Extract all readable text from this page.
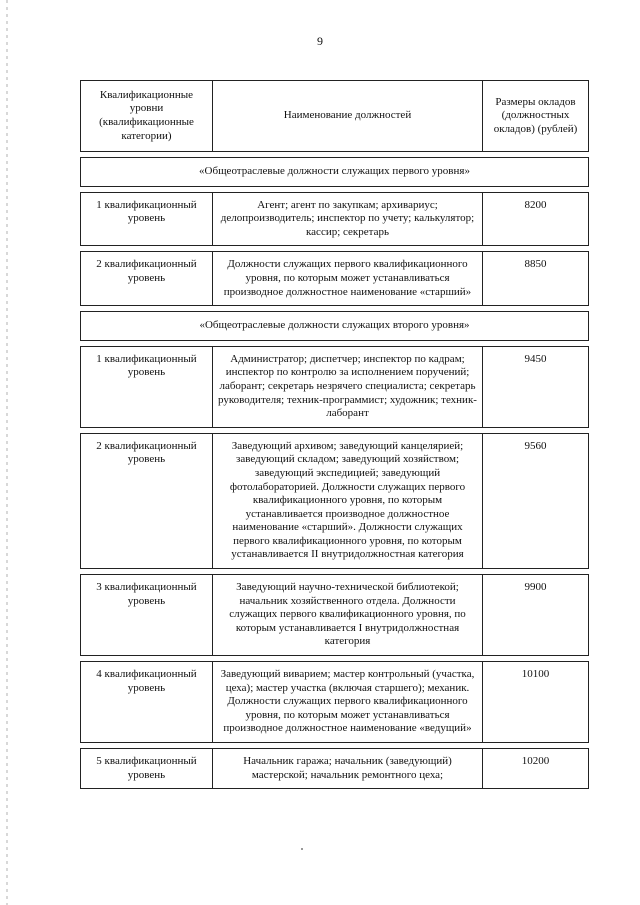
9
Квалификационные уровни (квалификационные категории)	Наименование должностей	Размеры окладов (должностных окладов) (рублей)

«Общеотраслевые должности служащих первого уровня»		

1 квалификационный уровень	Агент; агент по закупкам; архивариус; делопроизводитель; инспектор по учету; калькулятор; кассир; секретарь	8200

2 квалификационный уровень	Должности служащих первого квалификационного уровня, по которым может устанавливаться производное должностное наименование «старший»	8850

«Общеотраслевые должности служащих второго уровня»		

1 квалификационный уровень	Администратор; диспетчер; инспектор по кадрам; инспектор по контролю за исполнением поручений; лаборант; секретарь незрячего специалиста; секретарь руководителя; техник-программист; художник; техник-лаборант	9450

2 квалификационный уровень	Заведующий архивом; заведующий канцелярией; заведующий складом; заведующий хозяйством; заведующий экспедицией; заведующий фотолабораторией. Должности служащих первого квалификационного уровня, по которым устанавливается производное должностное наименование «старший». Должности служащих первого квалификационного уровня, по которым устанавливается II внутридолжностная категория	9560

3 квалификационный уровень	Заведующий научно-технической библиотекой; начальник хозяйственного отдела. Должности служащих первого квалификационного уровня, по которым устанавливается I внутридолжностная категория	9900

4 квалификационный уровень	Заведующий виварием; мастер контрольный (участка, цеха); мастер участка (включая старшего); механик. Должности служащих первого квалификационного уровня, по которым может устанавливаться производное должностное наименование «ведущий»	10100

5 квалификационный уровень	Начальник гаража; начальник (заведующий) мастерской; начальник ремонтного цеха;	10200
